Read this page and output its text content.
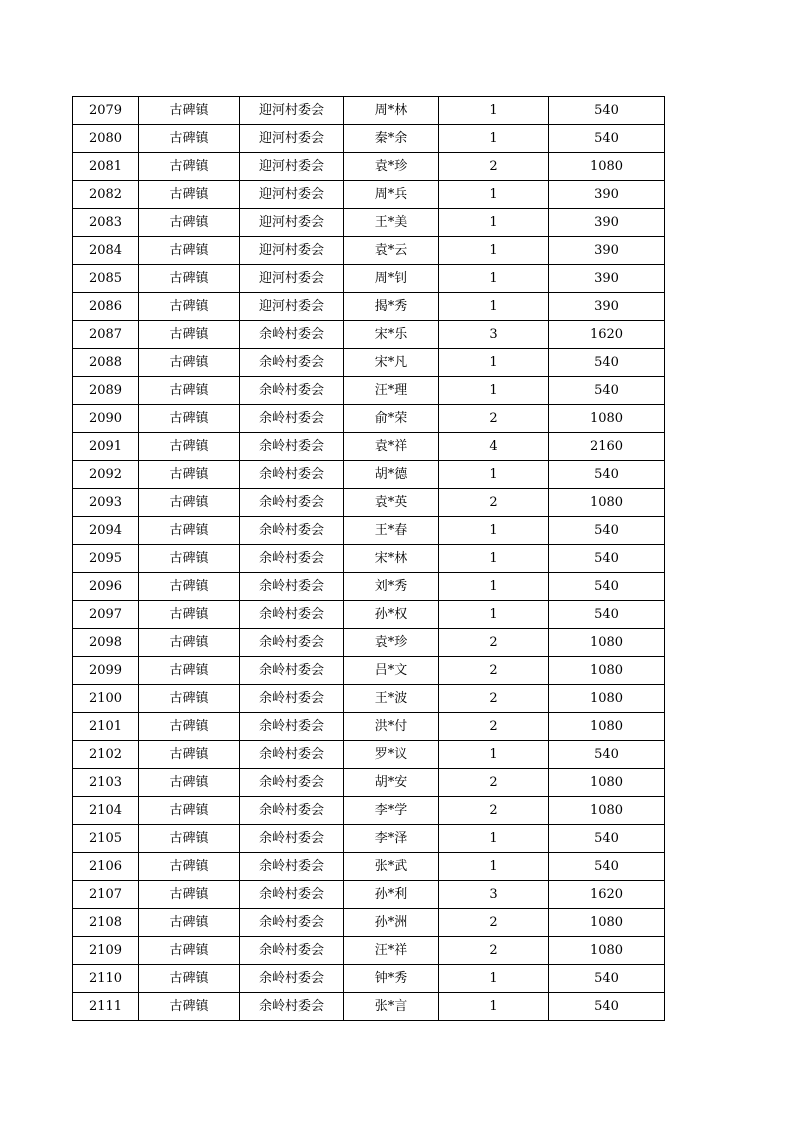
2079	古碑镇	迎河村委会	周*林	1	540
2080	古碑镇	迎河村委会	秦*余	1	540
2081	古碑镇	迎河村委会	袁*珍	2	1080
2082	古碑镇	迎河村委会	周*兵	1	390
2083	古碑镇	迎河村委会	王*美	1	390
2084	古碑镇	迎河村委会	袁*云	1	390
2085	古碑镇	迎河村委会	周*钊	1	390
2086	古碑镇	迎河村委会	揭*秀	1	390
2087	古碑镇	余岭村委会	宋*乐	3	1620
2088	古碑镇	余岭村委会	宋*凡	1	540
2089	古碑镇	余岭村委会	汪*理	1	540
2090	古碑镇	余岭村委会	俞*荣	2	1080
2091	古碑镇	余岭村委会	袁*祥	4	2160
2092	古碑镇	余岭村委会	胡*德	1	540
2093	古碑镇	余岭村委会	袁*英	2	1080
2094	古碑镇	余岭村委会	王*春	1	540
2095	古碑镇	余岭村委会	宋*林	1	540
2096	古碑镇	余岭村委会	刘*秀	1	540
2097	古碑镇	余岭村委会	孙*权	1	540
2098	古碑镇	余岭村委会	袁*珍	2	1080
2099	古碑镇	余岭村委会	吕*文	2	1080
2100	古碑镇	余岭村委会	王*波	2	1080
2101	古碑镇	余岭村委会	洪*付	2	1080
2102	古碑镇	余岭村委会	罗*议	1	540
2103	古碑镇	余岭村委会	胡*安	2	1080
2104	古碑镇	余岭村委会	李*学	2	1080
2105	古碑镇	余岭村委会	李*泽	1	540
2106	古碑镇	余岭村委会	张*武	1	540
2107	古碑镇	余岭村委会	孙*利	3	1620
2108	古碑镇	余岭村委会	孙*洲	2	1080
2109	古碑镇	余岭村委会	汪*祥	2	1080
2110	古碑镇	余岭村委会	钟*秀	1	540
2111	古碑镇	余岭村委会	张*言	1	540
